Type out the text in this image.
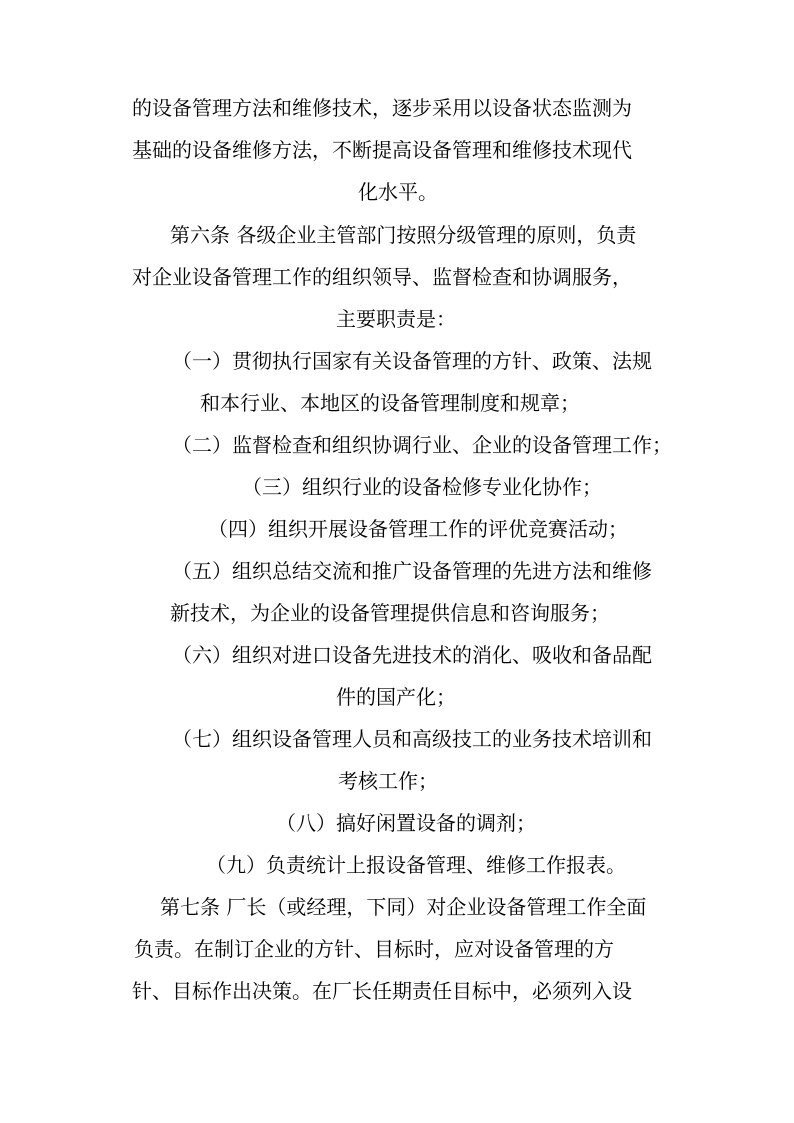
的设备管理方法和维修技术，逐步采用以设备状态监测为
基础的设备维修方法，不断提高设备管理和维修技术现代
化水平。
第六条 各级企业主管部门按照分级管理的原则，负责
对企业设备管理工作的组织领导、监督检查和协调服务，
主要职责是：
（一）贯彻执行国家有关设备管理的方针、政策、法规
和本行业、本地区的设备管理制度和规章；
（二）监督检查和组织协调行业、企业的设备管理工作；
（三）组织行业的设备检修专业化协作；
（四）组织开展设备管理工作的评优竞赛活动；
（五）组织总结交流和推广设备管理的先进方法和维修
新技术，为企业的设备管理提供信息和咨询服务；
（六）组织对进口设备先进技术的消化、吸收和备品配
件的国产化；
（七）组织设备管理人员和高级技工的业务技术培训和
考核工作；
（八）搞好闲置设备的调剂；
（九）负责统计上报设备管理、维修工作报表。
第七条 厂长（或经理，下同）对企业设备管理工作全面
负责。在制订企业的方针、目标时，应对设备管理的方
针、目标作出决策。在厂长任期责任目标中，必须列入设
